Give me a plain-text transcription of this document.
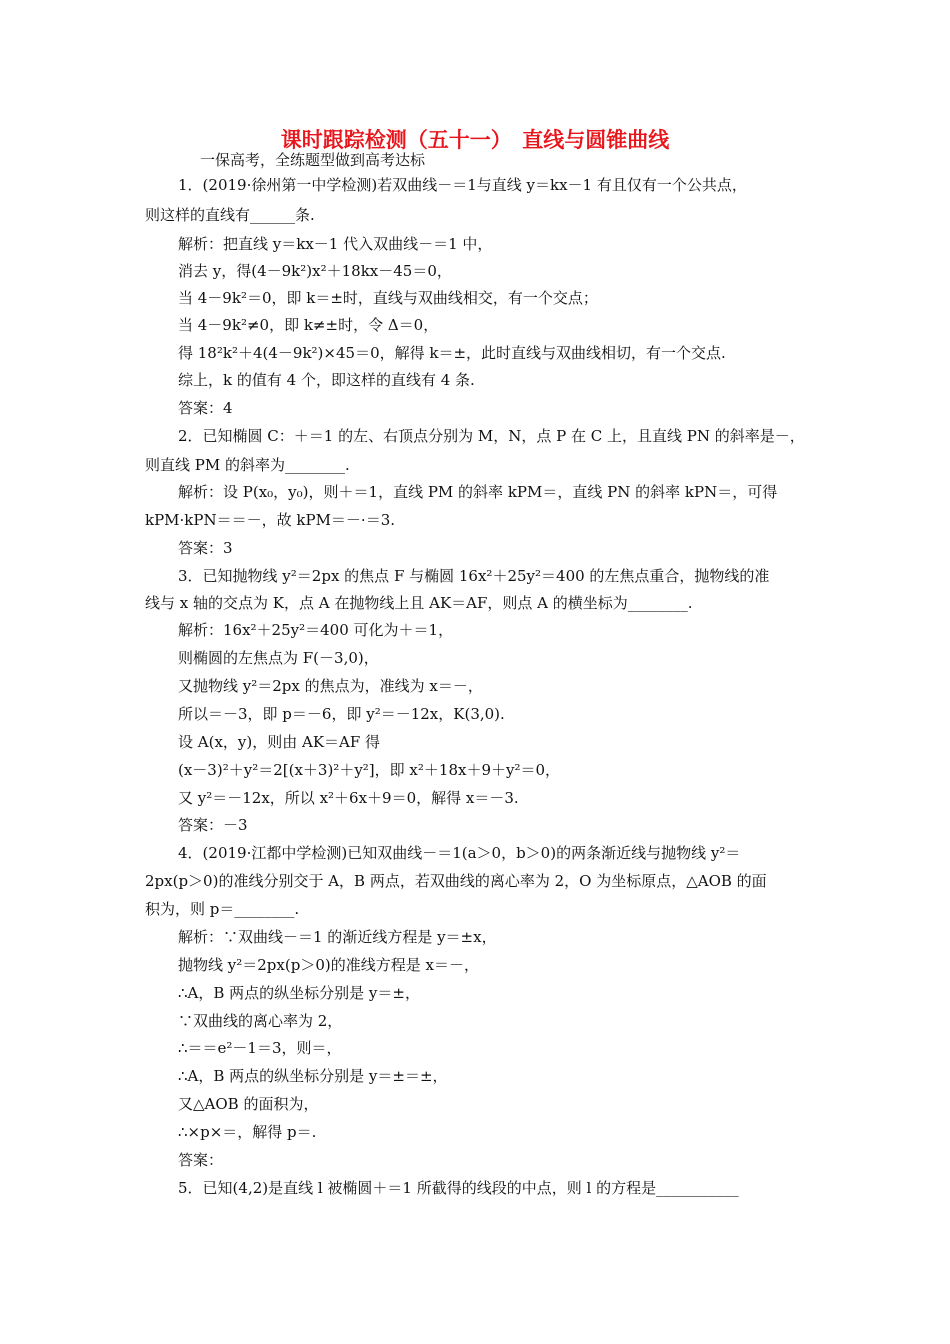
课时跟踪检测（五十一）　直线与圆锥曲线
一保高考，全练题型做到高考达标
1．(2019·徐州第一中学检测)若双曲线－＝1与直线 y＝kx－1 有且仅有一个公共点，
则这样的直线有______条.
解析：把直线 y＝kx－1 代入双曲线－＝1 中，
消去 y，得(4－9k²)x²＋18kx－45＝0，
当 4－9k²＝0，即 k＝±时，直线与双曲线相交，有一个交点；
当 4－9k²≠0，即 k≠±时，令 Δ＝0，
得 18²k²＋4(4－9k²)×45＝0，解得 k＝±，此时直线与双曲线相切，有一个交点.
综上，k 的值有 4 个，即这样的直线有 4 条.
答案：4
2．已知椭圆 C：＋＝1 的左、右顶点分别为 M，N，点 P 在 C 上，且直线 PN 的斜率是－，
则直线 PM 的斜率为________.
解析：设 P(x₀，y₀)，则＋＝1，直线 PM 的斜率 kPM＝，直线 PN 的斜率 kPN＝，可得
kPM·kPN＝＝－，故 kPM＝－·＝3.
答案：3
3．已知抛物线 y²＝2px 的焦点 F 与椭圆 16x²＋25y²＝400 的左焦点重合，抛物线的准
线与 x 轴的交点为 K，点 A 在抛物线上且 AK＝AF，则点 A 的横坐标为________.
解析：16x²＋25y²＝400 可化为＋＝1，
则椭圆的左焦点为 F(－3,0)，
又抛物线 y²＝2px 的焦点为，准线为 x＝－，
所以＝－3，即 p＝－6，即 y²＝－12x，K(3,0).
设 A(x，y)，则由 AK＝AF 得
(x－3)²＋y²＝2[(x＋3)²＋y²]，即 x²＋18x＋9＋y²＝0，
又 y²＝－12x，所以 x²＋6x＋9＝0，解得 x＝－3.
答案：－3
4．(2019·江都中学检测)已知双曲线－＝1(a＞0，b＞0)的两条渐近线与抛物线 y²＝
2px(p＞0)的准线分别交于 A，B 两点，若双曲线的离心率为 2，O 为坐标原点，△AOB 的面
积为，则 p＝________.
解析：∵双曲线－＝1 的渐近线方程是 y＝±x，
抛物线 y²＝2px(p＞0)的准线方程是 x＝－，
∴A，B 两点的纵坐标分别是 y＝±，
∵双曲线的离心率为 2，
∴＝＝e²－1＝3，则＝，
∴A，B 两点的纵坐标分别是 y＝±＝±，
又△AOB 的面积为，
∴×p×＝，解得 p＝.
答案：
5．已知(4,2)是直线 l 被椭圆＋＝1 所截得的线段的中点，则 l 的方程是___________
